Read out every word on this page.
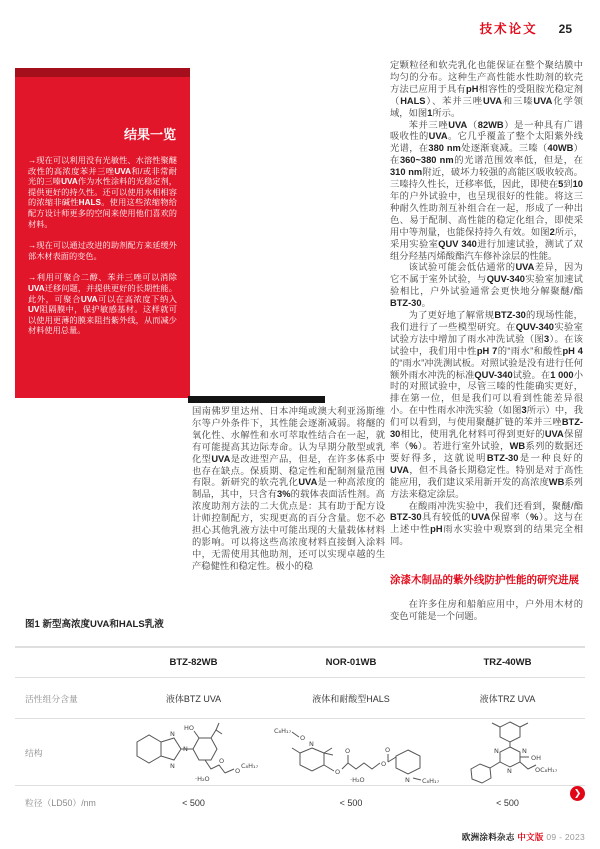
技术论文 25
结果一览

→现在可以利用没有光敏性、水溶性聚醚改性的高浓度苯并三唑UVA和/或非常耐光的三嗪UVA作为水性涂料的光稳定剂，提供更好的持久性。还可以使用水相相容的浓缩非碱性HALS。使用这些浓缩物给配方设计师更多的空间来使用他们喜欢的材料。

→现在可以通过改进的助剂配方来延缓外部木材表面的变色。

→利用可聚合二醇、苯并三唑可以消除UVA迁移问题，并提供更好的长期性能。此外，可聚合UVA可以在高浓度下纳入UV阻隔膜中，保护敏感基材。这样就可以使用更薄的膜来阻挡紫外线，从而减少材料使用总量。

国南佛罗里达州、日本冲绳或澳大利亚汤斯维尔等户外条件下，其性能会逐渐减弱。将醚的氧化性、水解性和水可萃取性结合在一起，就有可能提高其边际寿命。认为早期分散型或乳化型UVA是改进型产品，但是，在许多体系中也存在缺点。保质期、稳定性和配制剂量范围有限。新研究的软壳乳化UVA是一种高浓度的制品，其中，只含有3%的载体表面活性剂。高浓度助剂方法的二大优点是：其有助于配方设计师控制配方，实现更高的百分含量。您不必担心其他乳液方法中可能出现的大量载体材料的影响。可以将这些高浓度材料直接倒入涂料中，无需使用其他助剂，还可以实现卓越的生产稳健性和稳定性。极小的稳

定颗粒径和软壳乳化也能保证在整个聚结膜中均匀的分布。这种生产高性能水性助剂的软壳方法已应用于具有pH相容性的受阻胺光稳定剂（HALS）、苯并三唑UVA和三嗪UVA化学领域，如图1所示。

苯并三唑UVA（82WB）是一种具有广谱吸收性的UVA。它几乎覆盖了整个太阳紫外线光谱，在380 nm处逐渐衰减。三嗪（40WB）在360~380 nm的光谱范围效率低，但是，在310 nm附近，破坏力较强的高能区吸收较高。三嗪持久性长，迁移率低，因此，即使在5到10年的户外试验中，也呈现很好的性能。将这三种耐久性助剂互补组合在一起，形成了一种出色、易于配制、高性能的稳定化组合，即使采用中等剂量，也能保持持久有效。如图2所示，采用实验室QUV 340进行加速试验，测试了双组分羟基丙烯酸酯汽车修补涂层的性能。

该试验可能会低估通常的UVA差异，因为它不属于室外试验，与QUV-340实验室加速试验相比，户外试验通常会更快地分解聚醚/酯BTZ-30。

为了更好地了解常规BTZ-30的现场性能，我们进行了一些模型研究。在QUV-340实验室试验方法中增加了雨水冲洗试验（图3）。在该试验中，我们用中性pH 7的“雨水”和酸性pH 4的“雨水”冲洗测试板。对照试验是没有进行任何额外雨水冲洗的标准QUV-340试验。在1 000小时的对照试验中，尽管三嗪的性能确实更好，排在第一位，但是我们可以看到性能差异很小。在中性雨水冲洗实验（如图3所示）中，我们可以看到，与使用聚醚扩链的苯并三唑BTZ-30相比，使用乳化材料可得到更好的UVA保留率（%）。若进行室外试验，WB系列的数据还要好得多，这就说明BTZ-30是一种良好的UVA，但不具备长期稳定性。特别是对于高性能应用，我们建议采用新开发的高浓度WB系列方法来稳定涂层。

在酸雨冲洗实验中，我们还看到，聚醚/酯BTZ-30具有较低的UVA保留率（%）。这与在上述中性pH雨水实验中观察到的结果完全相同。

涂漆木制品的紫外线防护性能的研究进展

在许多住房和船舶应用中，户外用木材的变色可能是一个问题。

图1 新型高浓度UVA和HALS乳液
BTZ-82WB	NOR-01WB	TRZ-40WB
活性组分含量	液体BTZ UVA	液体和耐酸型HALS	液体TRZ UVA
结构
N
N
N
HO
O
O
C₈H₁₇
·H₂O
C₈H₁₇
O
N
O
O
O
O
N C₈H₁₇
·H₂O
N	N
N
OH
OC₈H₁₇
粒径（LD50）/nm	< 500	< 500	< 500
❯
欧洲涂料杂志 中文版 09 - 2023
